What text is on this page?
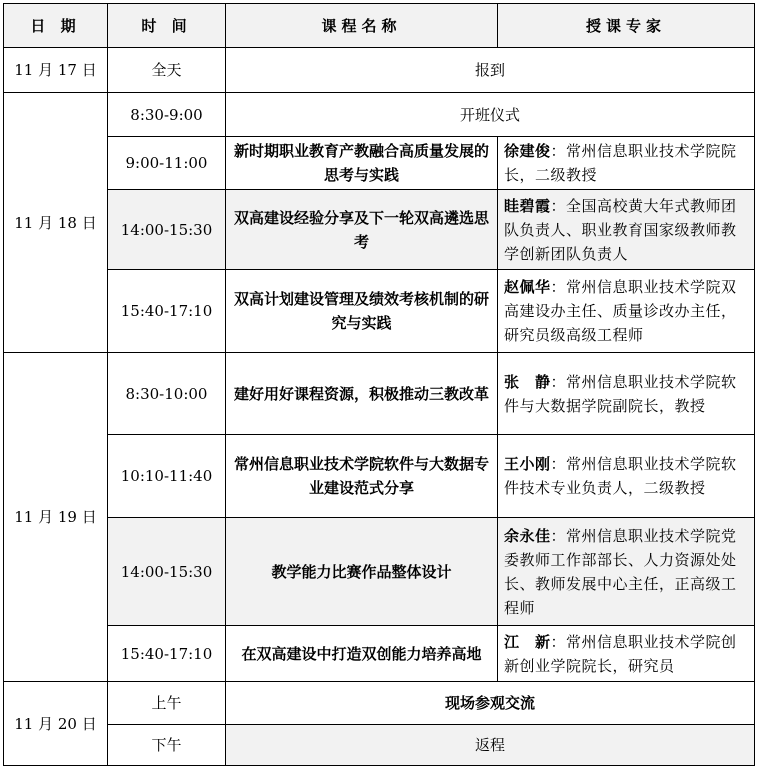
日 期	时 间	课程名称	授课专家
11 月 17 日	全天	报到	
11 月 18 日	8:30-9:00	开班仪式	
	9:00-11:00	新时期职业教育产教融合高质量发展的思考与实践	徐建俊：常州信息职业技术学院院长，二级教授
	14:00-15:30	双高建设经验分享及下一轮双高遴选思考	眭碧霞：全国高校黄大年式教师团队负责人、职业教育国家级教师教学创新团队负责人
	15:40-17:10	双高计划建设管理及绩效考核机制的研究与实践	赵佩华：常州信息职业技术学院双高建设办主任、质量诊改办主任，研究员级高级工程师
11 月 19 日	8:30-10:00	建好用好课程资源，积极推动三教改革	张　静：常州信息职业技术学院软件与大数据学院副院长，教授
	10:10-11:40	常州信息职业技术学院软件与大数据专业建设范式分享	王小刚：常州信息职业技术学院软件技术专业负责人，二级教授
	14:00-15:30	教学能力比赛作品整体设计	余永佳：常州信息职业技术学院党委教师工作部部长、人力资源处处长、教师发展中心主任，正高级工程师
	15:40-17:10	在双高建设中打造双创能力培养高地	江　新：常州信息职业技术学院创新创业学院院长，研究员
11 月 20 日	上午	现场参观交流	
	下午	返程	
